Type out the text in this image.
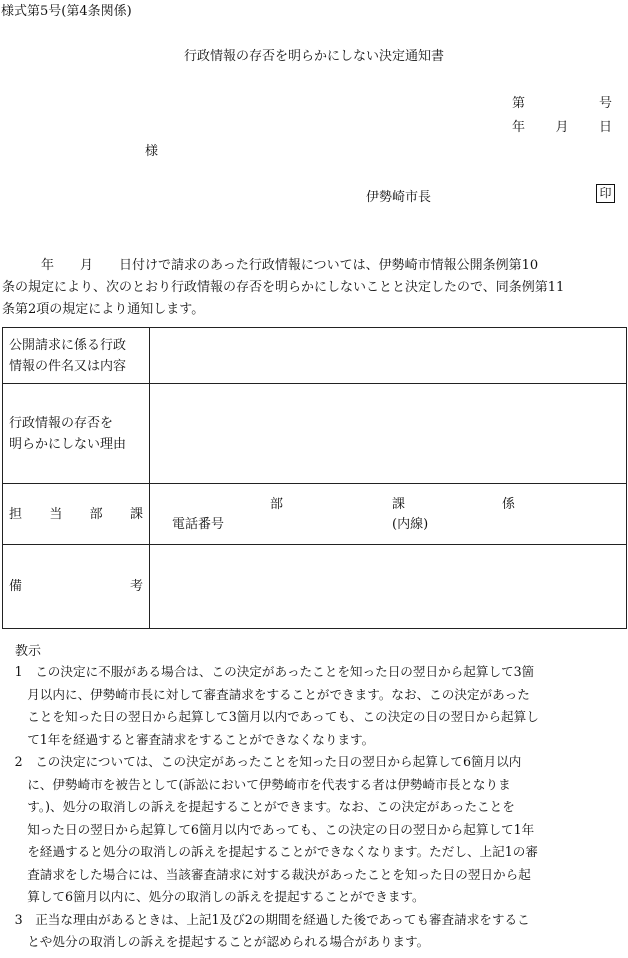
様式第5号(第4条関係)
行政情報の存否を明らかにしない決定通知書
第	号
年 月 日
様
伊勢崎市長	印

　　　年　　月　　日付けで請求のあった行政情報については、伊勢崎市情報公開条例第10

条の規定により、次のとおり行政情報の存否を明らかにしないことと決定したので、同条例第11

条第2項の規定により通知します。

公開請求に係る行政
情報の件名又は内容	

行政情報の存否を
明らかにしない理由	

担 当 部 課	部 課 係
電話番号 (内線)

備 考	

教示

　1　この決定に不服がある場合は、この決定があったことを知った日の翌日から起算して3箇

　　月以内に、伊勢崎市長に対して審査請求をすることができます。なお、この決定があった

　　ことを知った日の翌日から起算して3箇月以内であっても、この決定の日の翌日から起算し

　　て1年を経過すると審査請求をすることができなくなります。

　2　この決定については、この決定があったことを知った日の翌日から起算して6箇月以内

　　に、伊勢崎市を被告として(訴訟において伊勢崎市を代表する者は伊勢崎市長となりま

　　す。)、処分の取消しの訴えを提起することができます。なお、この決定があったことを

　　知った日の翌日から起算して6箇月以内であっても、この決定の日の翌日から起算して1年

　　を経過すると処分の取消しの訴えを提起することができなくなります。ただし、上記1の審

　　査請求をした場合には、当該審査請求に対する裁決があったことを知った日の翌日から起

　　算して6箇月以内に、処分の取消しの訴えを提起することができます。

　3　正当な理由があるときは、上記1及び2の期間を経過した後であっても審査請求をするこ

　　とや処分の取消しの訴えを提起することが認められる場合があります。
